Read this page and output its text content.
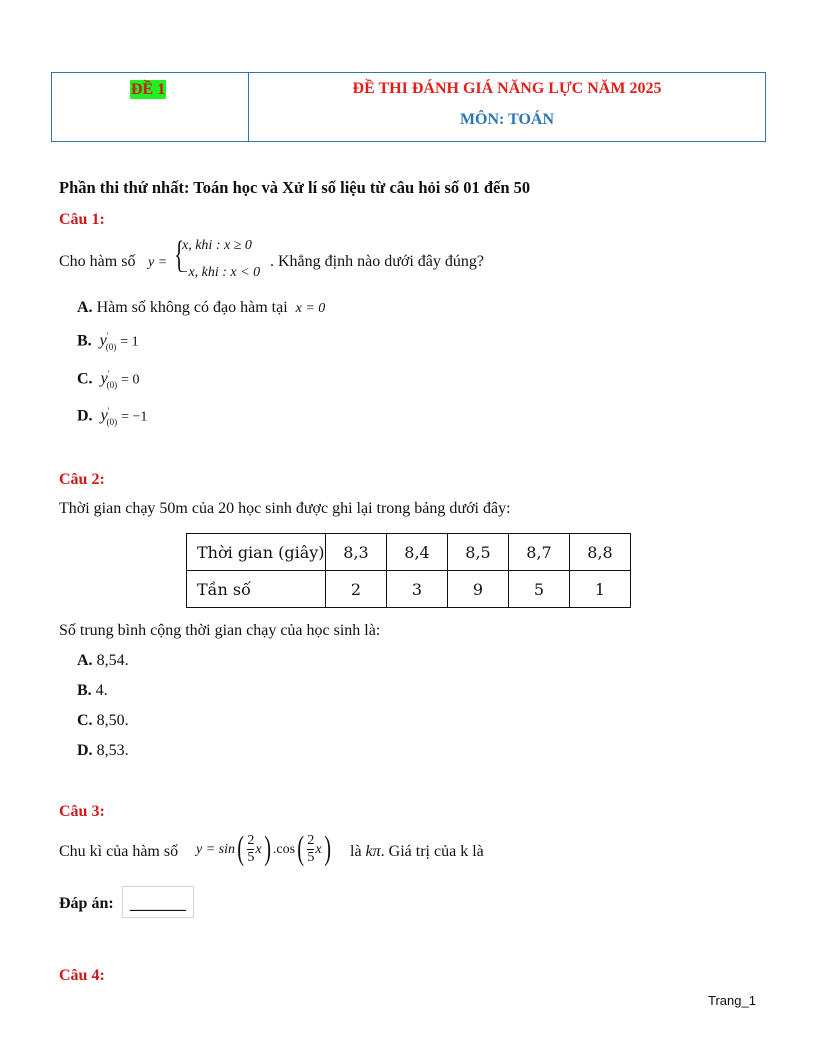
ĐỀ 1	ĐỀ THI ĐÁNH GIÁ NĂNG LỰC NĂM 2025
MÔN: TOÁN
Phần thi thứ nhất: Toán học và Xử lí số liệu từ câu hỏi số 01 đến 50
Câu 1:
Cho hàm số y = {
x, khi : x ≥ 0
−x, khi : x < 0
. Khẳng định nào dưới đây đúng?
A. Hàm số không có đạo hàm tại x = 0
B. $y'_{(0)} = 1$
C. $y'_{(0)} = 0$
D. $y'_{(0)} = -1$
Câu 2:
Thời gian chạy 50m của 20 học sinh được ghi lại trong bảng dưới đây:
Thời gian (giây)	8,3	8,4	8,5	8,7	8,8
Tần số	2	3	9	5	1
Số trung bình cộng thời gian chạy của học sinh là:
A. 8,54.
B. 4.
C. 8,50.
D. 8,53.
Câu 3:
Chu kì của hàm số $y = \sin( \frac{2}{5} x)$ $.\cos( \frac{2}{5} x)$ là kπ. Giá trị của k là
Đáp án:	_______
Câu 4:
Trang_1
